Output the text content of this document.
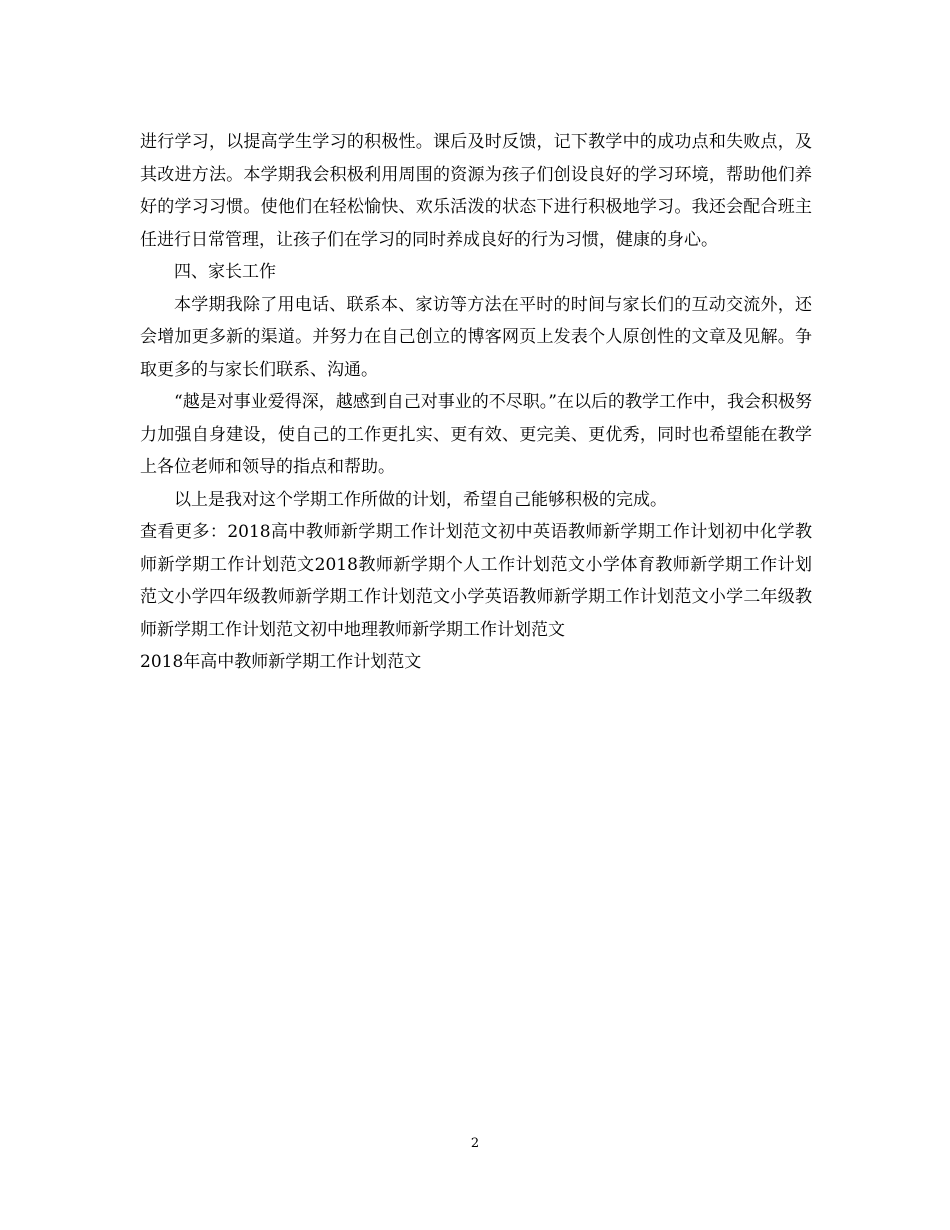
进行学习，以提高学生学习的积极性。课后及时反馈，记下教学中的成功点和失败点，及其改进方法。本学期我会积极利用周围的资源为孩子们创设良好的学习环境，帮助他们养好的学习习惯。使他们在轻松愉快、欢乐活泼的状态下进行积极地学习。我还会配合班主任进行日常管理，让孩子们在学习的同时养成良好的行为习惯，健康的身心。

四、家长工作

本学期我除了用电话、联系本、家访等方法在平时的时间与家长们的互动交流外，还会增加更多新的渠道。并努力在自己创立的博客网页上发表个人原创性的文章及见解。争取更多的与家长们联系、沟通。

“越是对事业爱得深，越感到自己对事业的不尽职。”在以后的教学工作中，我会积极努力加强自身建设，使自己的工作更扎实、更有效、更完美、更优秀，同时也希望能在教学上各位老师和领导的指点和帮助。

以上是我对这个学期工作所做的计划，希望自己能够积极的完成。

查看更多：2018高中教师新学期工作计划范文初中英语教师新学期工作计划初中化学教师新学期工作计划范文2018教师新学期个人工作计划范文小学体育教师新学期工作计划范文小学四年级教师新学期工作计划范文小学英语教师新学期工作计划范文小学二年级教师新学期工作计划范文初中地理教师新学期工作计划范文
2018年高中教师新学期工作计划范文

2
